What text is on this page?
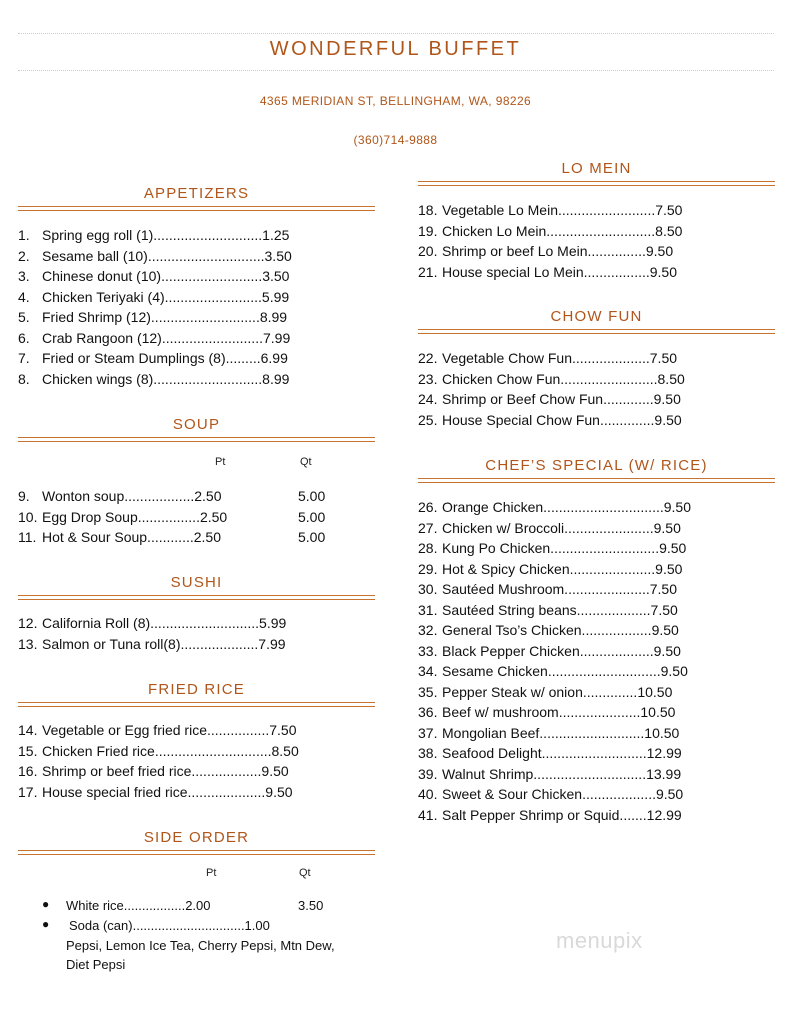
WONDERFUL BUFFET
4365 MERIDIAN ST, BELLINGHAM, WA, 98226
(360)714-9888
APPETIZERS
1. Spring egg roll (1)............................1.25
2. Sesame ball (10)..............................3.50
3. Chinese donut (10)..........................3.50
4. Chicken Teriyaki (4).........................5.99
5. Fried Shrimp (12)............................8.99
6. Crab Rangoon (12)..........................7.99
7. Fried or Steam Dumplings (8).........6.99
8. Chicken wings (8)............................8.99
SOUP
Pt	Qt
9. Wonton soup..................2.50	5.00
10. Egg Drop Soup................2.50	5.00
11. Hot & Sour Soup............2.50	5.00
SUSHI
12. California Roll (8)............................5.99
13. Salmon or Tuna roll(8)....................7.99
FRIED RICE
14. Vegetable or Egg fried rice................7.50
15. Chicken Fried rice..............................8.50
16. Shrimp or beef fried rice..................9.50
17. House special fried rice....................9.50
SIDE ORDER
Pt	Qt
● White rice.................2.00	3.50
● Soda (can)...............................1.00
Pepsi, Lemon Ice Tea, Cherry Pepsi, Mtn Dew,
Diet Pepsi
LO MEIN
18. Vegetable Lo Mein.........................7.50
19. Chicken Lo Mein............................8.50
20. Shrimp or beef Lo Mein...............9.50
21. House special Lo Mein.................9.50
CHOW FUN
22. Vegetable Chow Fun....................7.50
23. Chicken Chow Fun.........................8.50
24. Shrimp or Beef Chow Fun.............9.50
25. House Special Chow Fun..............9.50
CHEF’S SPECIAL (W/ RICE)
26. Orange Chicken...............................9.50
27. Chicken w/ Broccoli.......................9.50
28. Kung Po Chicken............................9.50
29. Hot & Spicy Chicken......................9.50
30. Sautéed Mushroom......................7.50
31. Sautéed String beans...................7.50
32. General Tso’s Chicken..................9.50
33. Black Pepper Chicken...................9.50
34. Sesame Chicken.............................9.50
35. Pepper Steak w/ onion..............10.50
36. Beef w/ mushroom.....................10.50
37. Mongolian Beef...........................10.50
38. Seafood Delight...........................12.99
39. Walnut Shrimp.............................13.99
40. Sweet & Sour Chicken...................9.50
41. Salt Pepper Shrimp or Squid.......12.99
menupix
